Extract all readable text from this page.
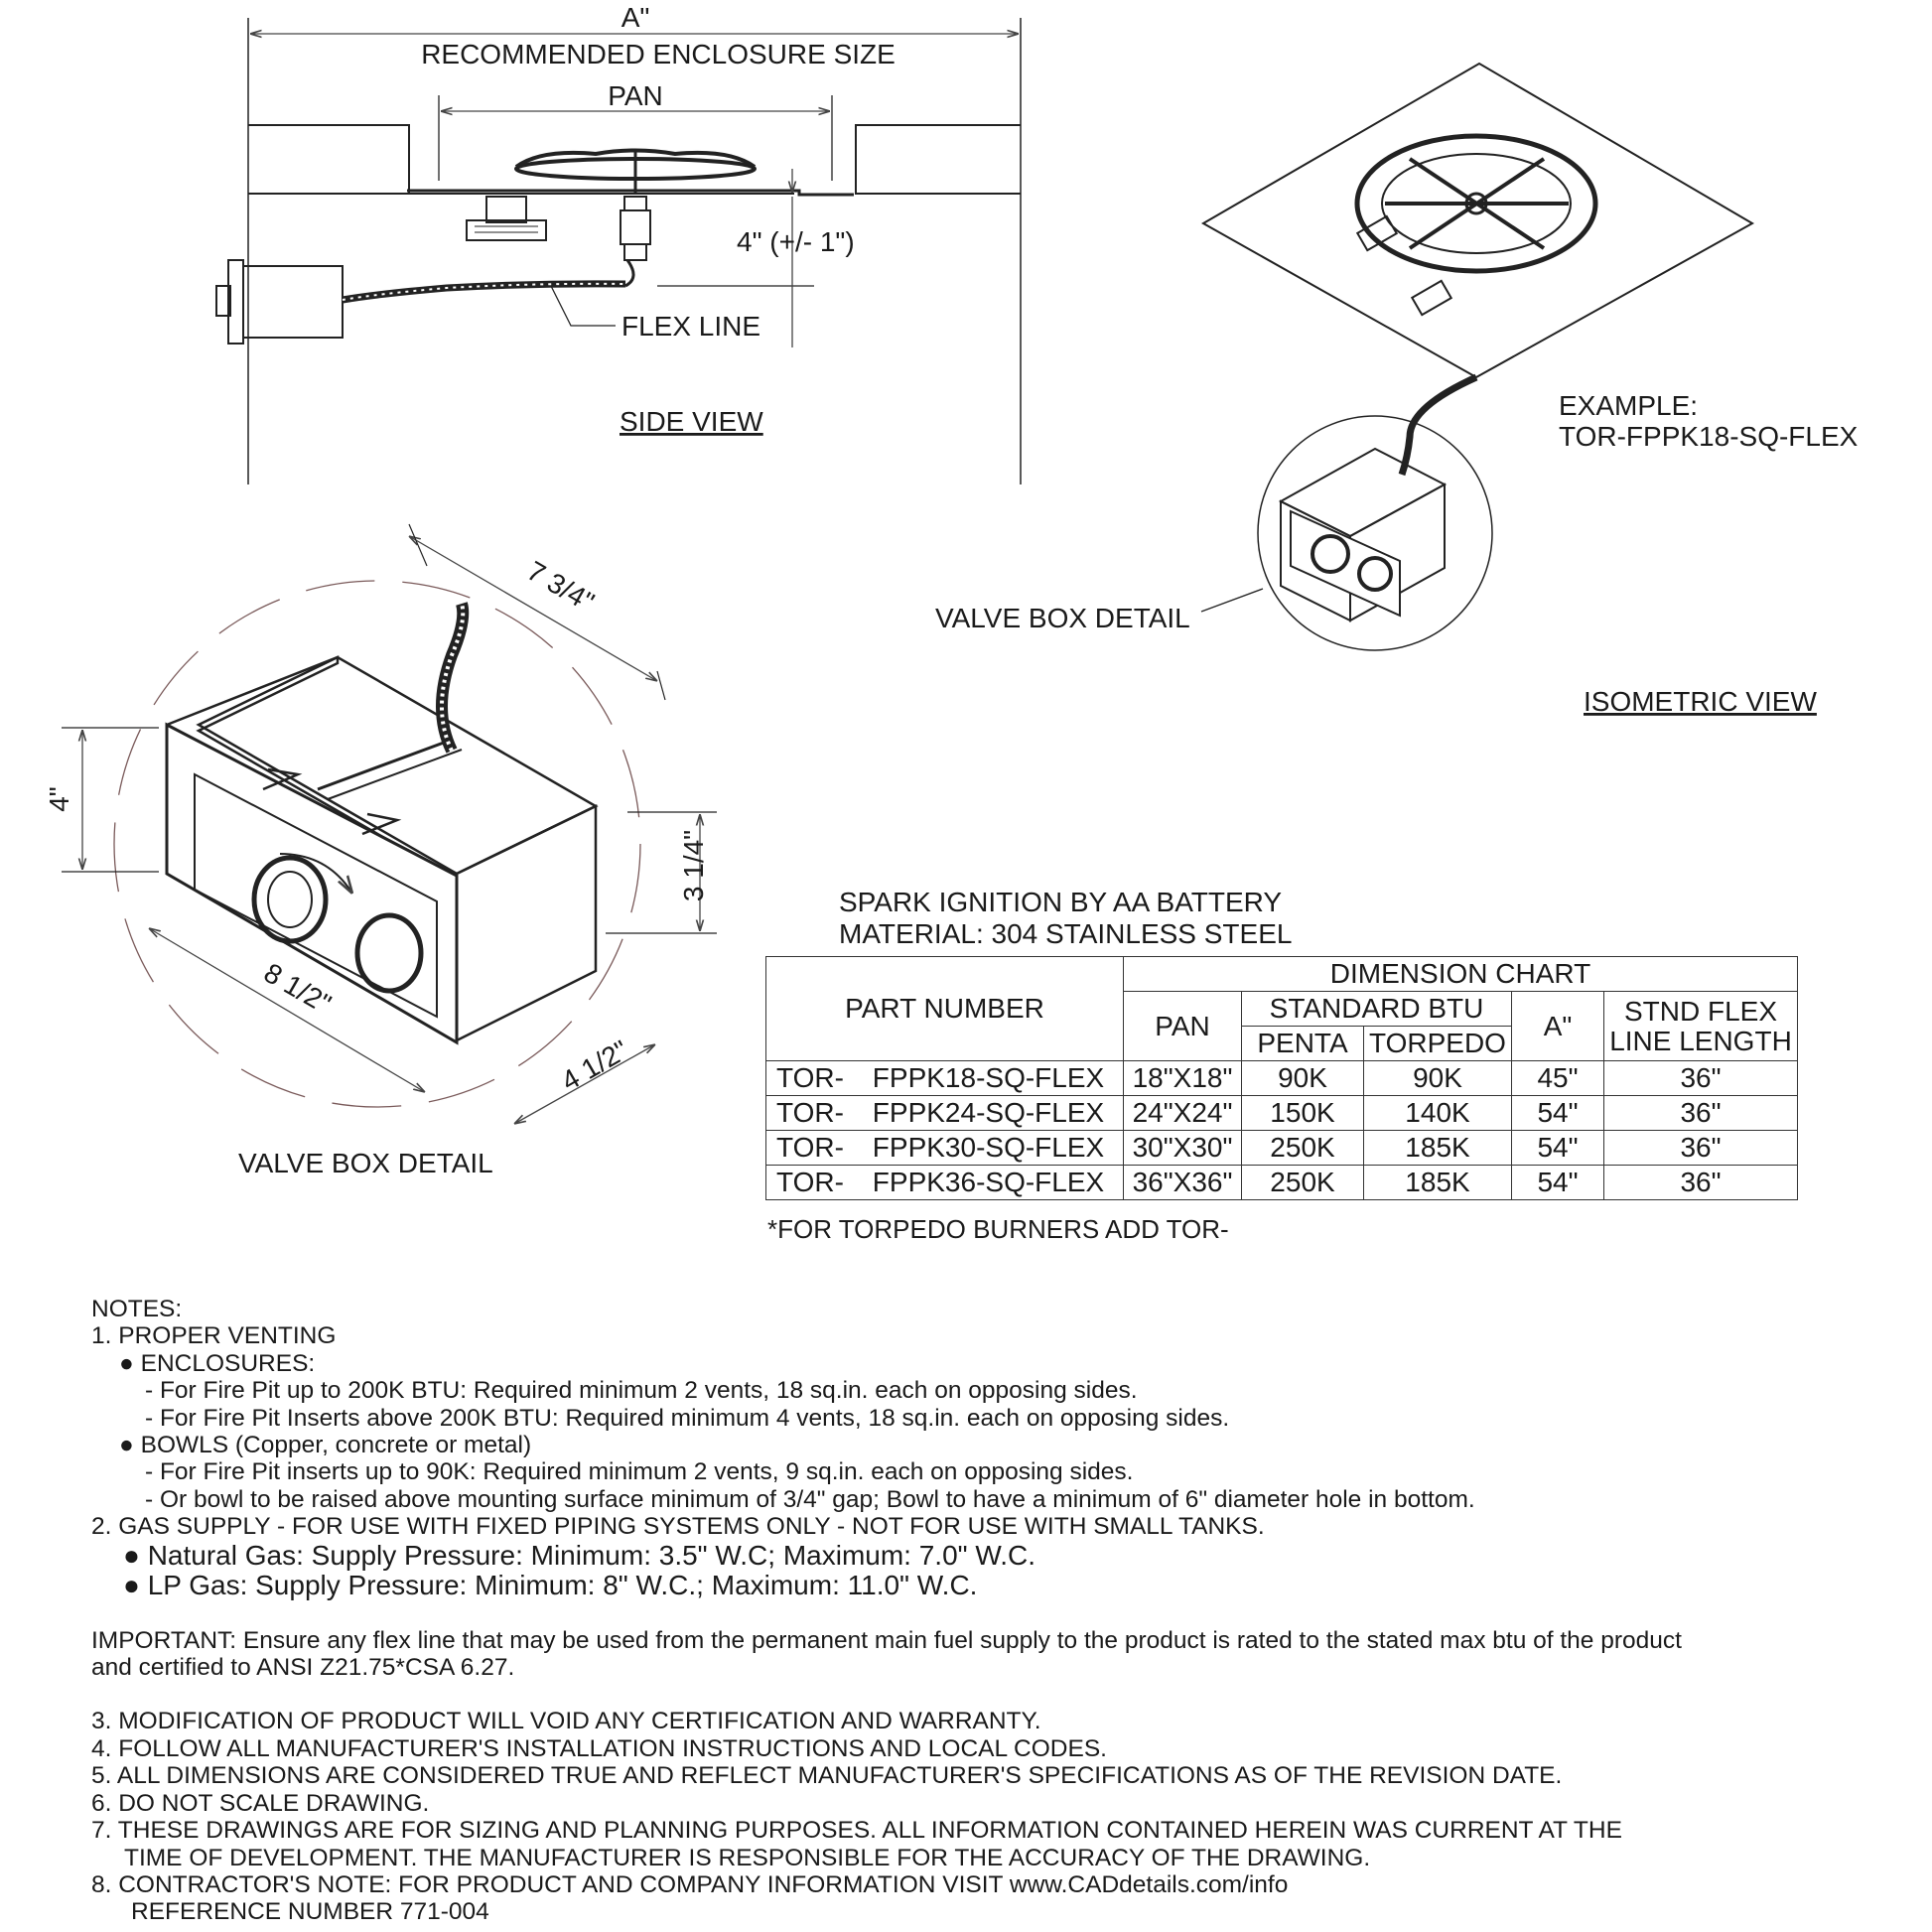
A"
RECOMMENDED ENCLOSURE SIZE
PAN
4" (+/- 1")
FLEX LINE
SIDE VIEW
EXAMPLE:
TOR-FPPK18-SQ-FLEX
VALVE BOX DETAIL
ISOMETRIC VIEW
7 3/4"
4"
3 1/4"
8 1/2"
4 1/2"
VALVE BOX DETAIL
SPARK IGNITION BY AA BATTERY
MATERIAL: 304 STAINLESS STEEL
PART NUMBER		DIMENSION CHART				
		PAN	STANDARD BTU		A"	STND FLEX LINE LENGTH
			PENTA	TORPEDO		
TOR-	FPPK18-SQ-FLEX	18"X18"	90K	90K	45"	36"
TOR-	FPPK24-SQ-FLEX	24"X24"	150K	140K	54"	36"
TOR-	FPPK30-SQ-FLEX	30"X30"	250K	185K	54"	36"
TOR-	FPPK36-SQ-FLEX	36"X36"	250K	185K	54"	36"
*FOR TORPEDO BURNERS ADD TOR-
NOTES:
1. PROPER VENTING
● ENCLOSURES:
- For Fire Pit up to 200K BTU: Required minimum 2 vents, 18 sq.in. each on opposing sides.
- For Fire Pit Inserts above 200K BTU: Required minimum 4 vents, 18 sq.in. each on opposing sides.
● BOWLS (Copper, concrete or metal)
- For Fire Pit inserts up to 90K: Required minimum 2 vents, 9 sq.in. each on opposing sides.
- Or bowl to be raised above mounting surface minimum of 3/4" gap; Bowl to have a minimum of 6" diameter hole in bottom.
2. GAS SUPPLY - FOR USE WITH FIXED PIPING SYSTEMS ONLY - NOT FOR USE WITH SMALL TANKS.
● Natural Gas: Supply Pressure: Minimum: 3.5" W.C; Maximum: 7.0" W.C.
● LP Gas: Supply Pressure: Minimum: 8" W.C.; Maximum: 11.0" W.C.
IMPORTANT: Ensure any flex line that may be used from the permanent main fuel supply to the product is rated to the stated max btu of the product
and certified to ANSI Z21.75*CSA 6.27.
3. MODIFICATION OF PRODUCT WILL VOID ANY CERTIFICATION AND WARRANTY.
4. FOLLOW ALL MANUFACTURER'S INSTALLATION INSTRUCTIONS AND LOCAL CODES.
5. ALL DIMENSIONS ARE CONSIDERED TRUE AND REFLECT MANUFACTURER'S SPECIFICATIONS AS OF THE REVISION DATE.
6. DO NOT SCALE DRAWING.
7. THESE DRAWINGS ARE FOR SIZING AND PLANNING PURPOSES. ALL INFORMATION CONTAINED HEREIN WAS CURRENT AT THE
TIME OF DEVELOPMENT. THE MANUFACTURER IS RESPONSIBLE FOR THE ACCURACY OF THE DRAWING.
8. CONTRACTOR'S NOTE: FOR PRODUCT AND COMPANY INFORMATION VISIT www.CADdetails.com/info
REFERENCE NUMBER 771-004
